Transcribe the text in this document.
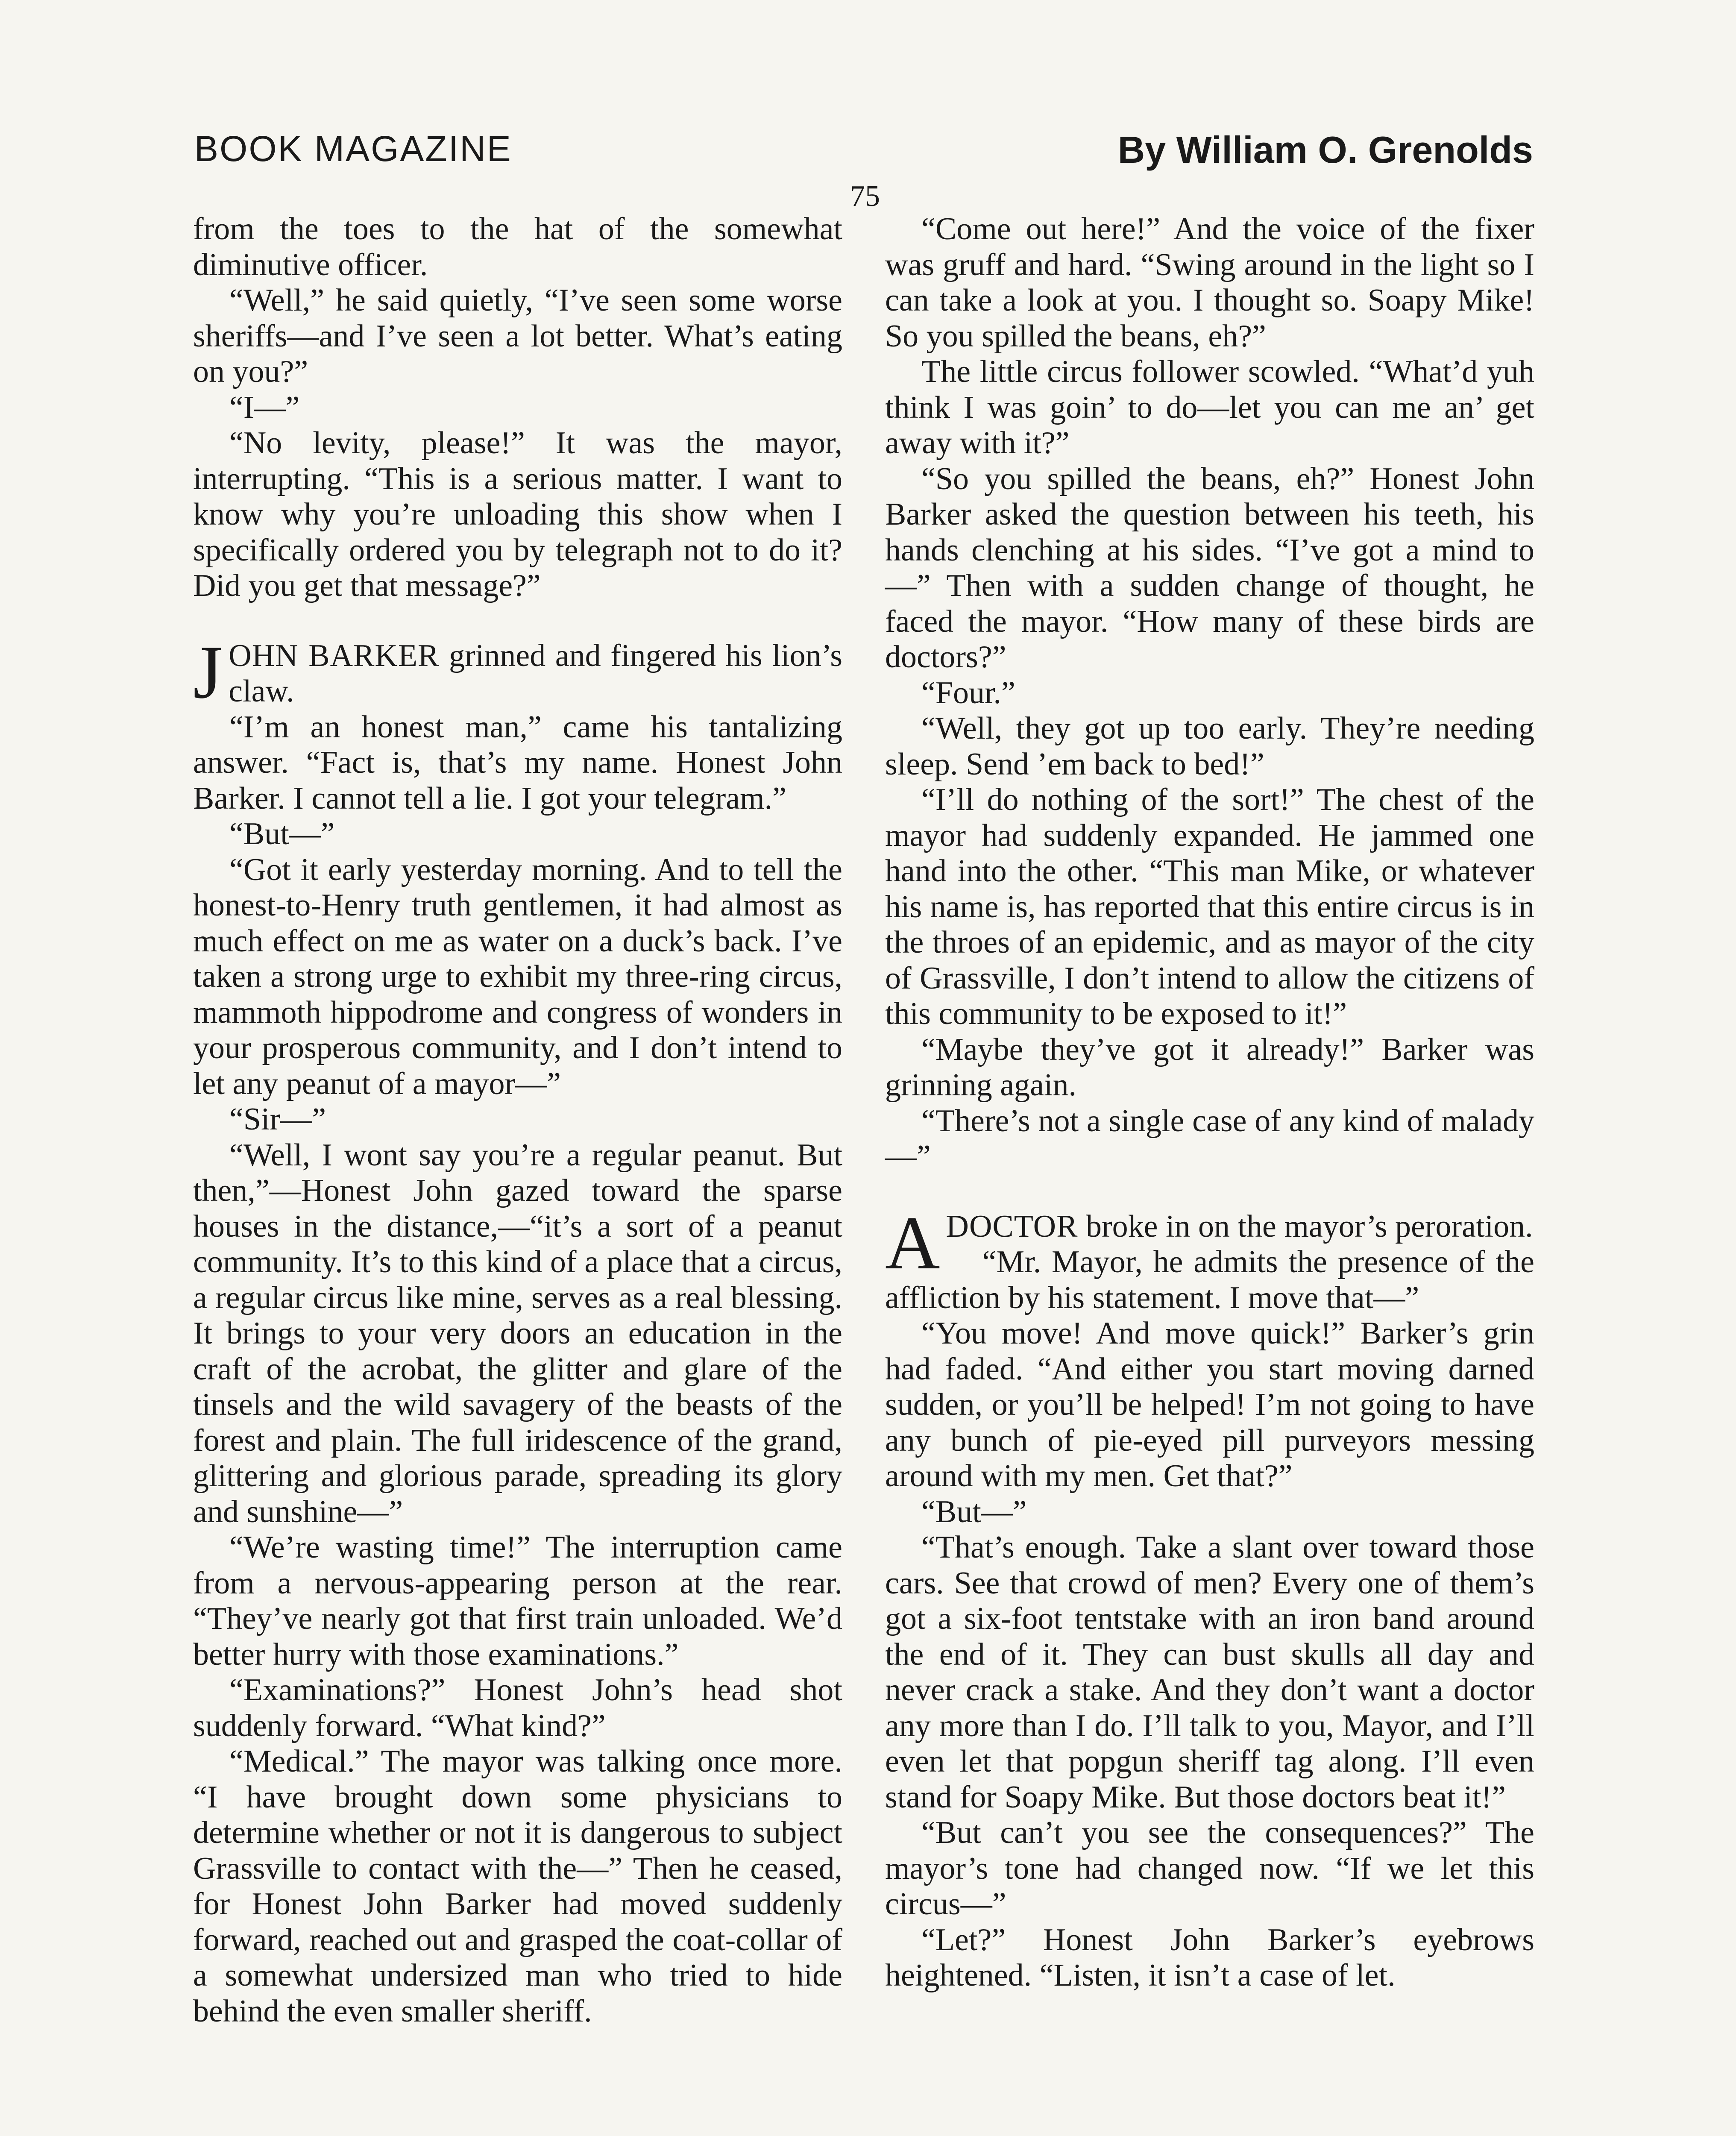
BOOK MAGAZINE	By William O. Grenolds
75

from the toes to the hat of the somewhat diminutive officer.

“Well,” he said quietly, “I’ve seen some worse sheriffs—and I’ve seen a lot better. What’s eating on you?”

“I—”

“No levity, please!” It was the mayor, interrupting. “This is a serious matter. I want to know why you’re unloading this show when I specifically ordered you by telegraph not to do it? Did you get that message?”

JOHN BARKER grinned and fingered his lion’s claw.

“I’m an honest man,” came his tantalizing answer. “Fact is, that’s my name. Honest John Barker. I cannot tell a lie. I got your telegram.”

“But—”

“Got it early yesterday morning. And to tell the honest-to-Henry truth gentlemen, it had almost as much effect on me as water on a duck’s back. I’ve taken a strong urge to exhibit my three-ring circus, mammoth hippodrome and congress of wonders in your prosperous community, and I don’t intend to let any peanut of a mayor—”

“Sir—”

“Well, I wont say you’re a regular peanut. But then,”—Honest John gazed toward the sparse houses in the distance,—“it’s a sort of a peanut community. It’s to this kind of a place that a circus, a regular circus like mine, serves as a real blessing. It brings to your very doors an education in the craft of the acrobat, the glitter and glare of the tinsels and the wild savagery of the beasts of the forest and plain. The full iridescence of the grand, glittering and glorious parade, spreading its glory and sunshine—”

“We’re wasting time!” The interruption came from a nervous-appearing person at the rear. “They’ve nearly got that first train unloaded. We’d better hurry with those examinations.”

“Examinations?” Honest John’s head shot suddenly forward. “What kind?”

“Medical.” The mayor was talking once more. “I have brought down some physicians to determine whether or not it is dangerous to subject Grassville to contact with the—” Then he ceased, for Honest John Barker had moved suddenly forward, reached out and grasped the coat-collar of a somewhat undersized man who tried to hide behind the even smaller sheriff.

“Come out here!” And the voice of the fixer was gruff and hard. “Swing around in the light so I can take a look at you. I thought so. Soapy Mike! So you spilled the beans, eh?”

The little circus follower scowled. “What’d yuh think I was goin’ to do—let you can me an’ get away with it?”

“So you spilled the beans, eh?” Honest John Barker asked the question between his teeth, his hands clenching at his sides. “I’ve got a mind to—” Then with a sudden change of thought, he faced the mayor. “How many of these birds are doctors?”

“Four.”

“Well, they got up too early. They’re needing sleep. Send ’em back to bed!”

“I’ll do nothing of the sort!” The chest of the mayor had suddenly expanded. He jammed one hand into the other. “This man Mike, or whatever his name is, has reported that this entire circus is in the throes of an epidemic, and as mayor of the city of Grassville, I don’t intend to allow the citizens of this community to be exposed to it!”

“Maybe they’ve got it already!” Barker was grinning again.

“There’s not a single case of any kind of malady—”

A DOCTOR broke in on the mayor’s peroration.

“Mr. Mayor, he admits the presence of the affliction by his statement. I move that—”

“You move! And move quick!” Barker’s grin had faded. “And either you start moving darned sudden, or you’ll be helped! I’m not going to have any bunch of pie-eyed pill purveyors messing around with my men. Get that?”

“But—”

“That’s enough. Take a slant over toward those cars. See that crowd of men? Every one of them’s got a six-foot tentstake with an iron band around the end of it. They can bust skulls all day and never crack a stake. And they don’t want a doctor any more than I do. I’ll talk to you, Mayor, and I’ll even let that popgun sheriff tag along. I’ll even stand for Soapy Mike. But those doctors beat it!”

“But can’t you see the consequences?” The mayor’s tone had changed now. “If we let this circus—”

“Let?” Honest John Barker’s eyebrows heightened. “Listen, it isn’t a case of let.
